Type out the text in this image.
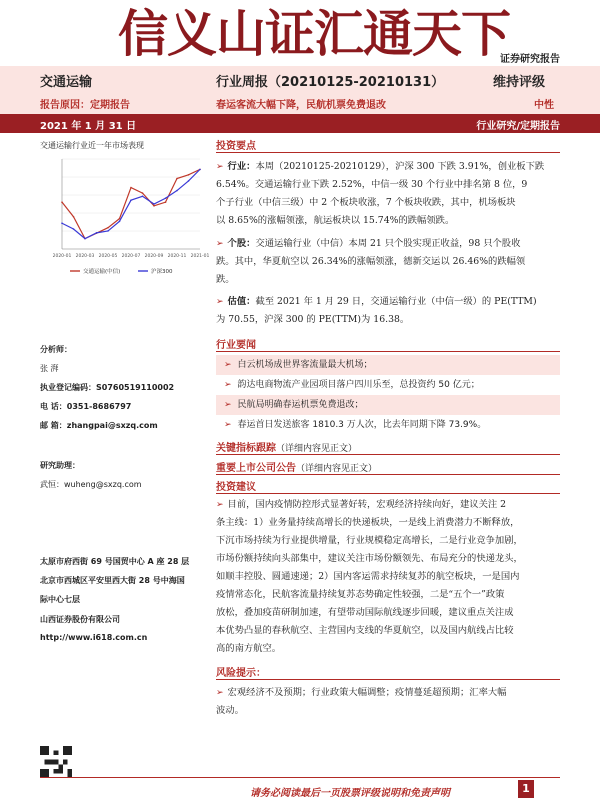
信义山证汇通天下
证券研究报告
交通运输	行业周报（20210125-20210131）	维持评级
报告原因：定期报告	春运客流大幅下降，民航机票免费退改	中性
2021 年 1 月 31 日	行业研究/定期报告
交通运输行业近一年市场表现
2020-01 2020-03 2020-05 2020-07 2020-09 2020-11 2021-01
交通运输(中信)	沪深300
分析师：
张 湃
执业登记编码：S0760519110002
电 话：0351-8686797
邮 箱：zhangpai@sxzq.com
研究助理：
武恒：wuheng@sxzq.com
太原市府西街 69 号国贸中心 A 座 28 层
北京市西城区平安里西大街 28 号中海国
际中心七层
山西证券股份有限公司
http://www.i618.com.cn
投资要点
➢ 行业：本周（20210125-20210129），沪深 300 下跌 3.91%，创业板下跌
6.54%。交通运输行业下跌 2.52%，中信一级 30 个行业中排名第 8 位，9
个子行业（中信三级）中 2 个板块收涨，7 个板块收跌，其中，机场板块
以 8.65%的涨幅领涨，航运板块以 15.74%的跌幅领跌。
➢ 个股：交通运输行业（中信）本周 21 只个股实现正收益，98 只个股收
跌。其中，华夏航空以 26.34%的涨幅领涨，德新交运以 26.46%的跌幅领
跌。
➢ 估值：截至 2021 年 1 月 29 日，交通运输行业（中信一级）的 PE(TTM)
为 70.55，沪深 300 的 PE(TTM)为 16.38。
行业要闻
➢ 白云机场成世界客流量最大机场；
➢ 韵达电商物流产业园项目落户四川乐至，总投资约 50 亿元；
➢ 民航局明确春运机票免费退改；
➢ 春运首日发送旅客 1810.3 万人次，比去年同期下降 73.9%。
关键指标跟踪（详细内容见正文）
重要上市公司公告（详细内容见正文）
投资建议
➢ 目前，国内疫情防控形式显著好转，宏观经济持续向好，建议关注 2
条主线：1）业务量持续高增长的快递板块，一是线上消费潜力不断释放，
下沉市场持续为行业提供增量，行业规模稳定高增长，二是行业竞争加剧，
市场份额持续向头部集中，建议关注市场份额领先、布局充分的快递龙头，
如顺丰控股、圆通速递；2）国内客运需求持续复苏的航空板块，一是国内
疫情常态化，民航客流量持续复苏态势确定性较强，二是“五个一”政策
放松，叠加疫苗研制加速，有望带动国际航线逐步回暖，建议重点关注成
本优势凸显的春秋航空、主营国内支线的华夏航空，以及国内航线占比较
高的南方航空。
风险提示：
➢ 宏观经济不及预期；行业政策大幅调整；疫情蔓延超预期；汇率大幅
波动。
请务必阅读最后一页股票评级说明和免责声明	1
